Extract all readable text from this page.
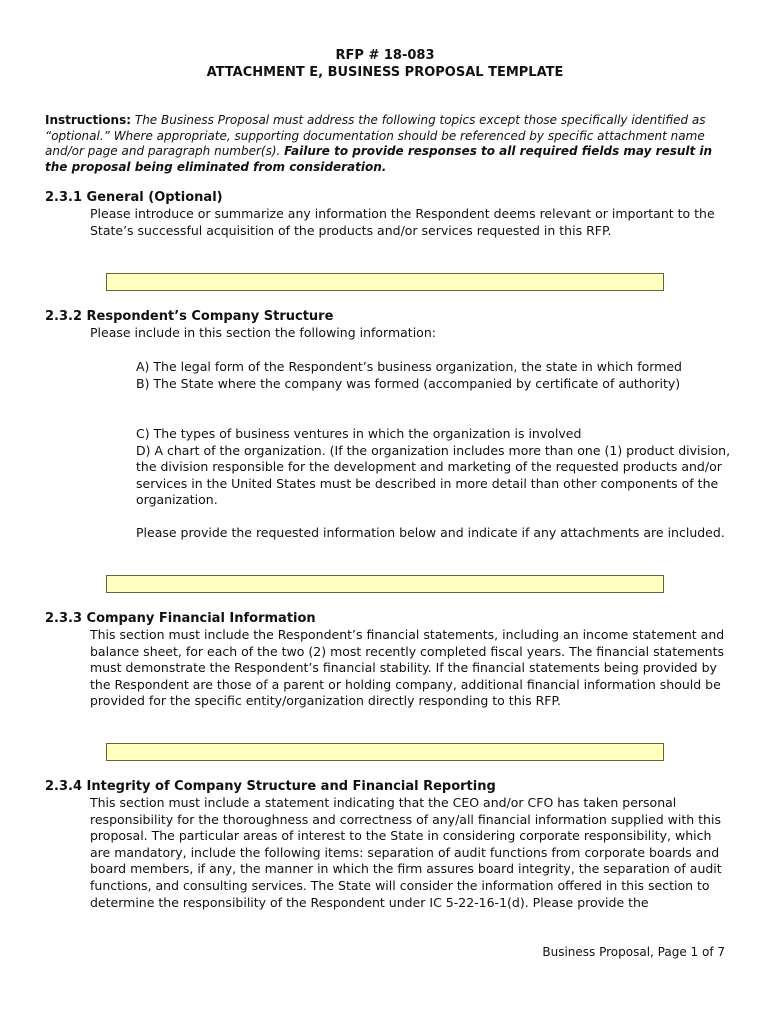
RFP # 18-083
ATTACHMENT E, BUSINESS PROPOSAL TEMPLATE
Instructions: The Business Proposal must address the following topics except those specifically identified as “optional.” Where appropriate, supporting documentation should be referenced by specific attachment name and/or page and paragraph number(s). Failure to provide responses to all required fields may result in the proposal being eliminated from consideration.
2.3.1 General (Optional)
Please introduce or summarize any information the Respondent deems relevant or important to the State’s successful acquisition of the products and/or services requested in this RFP.
2.3.2 Respondent’s Company Structure
Please include in this section the following information:

A) The legal form of the Respondent’s business organization, the state in which formed

B) The State where the company was formed (accompanied by certificate of authority)

C) The types of business ventures in which the organization is involved
D) A chart of the organization. (If the organization includes more than one (1) product division, the division responsible for the development and marketing of the requested products and/or services in the United States must be described in more detail than other components of the organization.
Please provide the requested information below and indicate if any attachments are included.
2.3.3 Company Financial Information
This section must include the Respondent’s financial statements, including an income statement and balance sheet, for each of the two (2) most recently completed fiscal years. The financial statements must demonstrate the Respondent’s financial stability. If the financial statements being provided by the Respondent are those of a parent or holding company, additional financial information should be provided for the specific entity/organization directly responding to this RFP.
2.3.4 Integrity of Company Structure and Financial Reporting
This section must include a statement indicating that the CEO and/or CFO has taken personal responsibility for the thoroughness and correctness of any/all financial information supplied with this proposal. The particular areas of interest to the State in considering corporate responsibility, which are mandatory, include the following items: separation of audit functions from corporate boards and board members, if any, the manner in which the firm assures board integrity, the separation of audit functions, and consulting services. The State will consider the information offered in this section to determine the responsibility of the Respondent under IC 5-22-16-1(d). Please provide the
Business Proposal, Page 1 of 7
